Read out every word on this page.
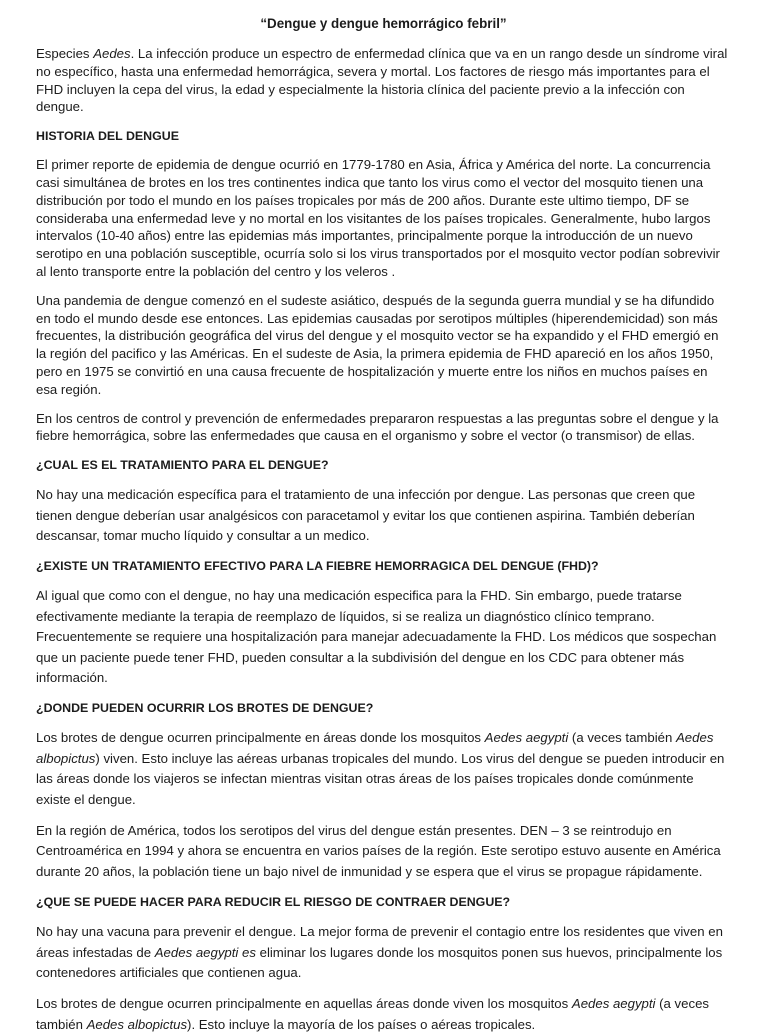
“Dengue y dengue hemorrágico febril”

Especies Aedes. La infección produce un espectro de enfermedad clínica que va en un rango desde un síndrome viral no específico, hasta una enfermedad hemorrágica, severa y mortal. Los factores de riesgo más importantes para el FHD incluyen la cepa del virus, la edad y especialmente la historia clínica del paciente previo a la infección con dengue.

HISTORIA DEL DENGUE

El primer reporte de epidemia de dengue ocurrió en 1779-1780 en Asia, África y América del norte. La concurrencia casi simultánea de brotes en los tres continentes indica que tanto los virus como el vector del mosquito tienen una distribución por todo el mundo en los países tropicales por más de 200 años. Durante este ultimo tiempo, DF se consideraba una enfermedad leve y no mortal en los visitantes de los países tropicales. Generalmente, hubo largos intervalos (10-40 años) entre las epidemias más importantes, principalmente porque la introducción de un nuevo serotipo en una población susceptible, ocurría solo si los virus transportados por el mosquito vector podían sobrevivir al lento transporte entre la población del centro y los veleros .

Una pandemia de dengue comenzó en el sudeste asiático, después de la segunda guerra mundial y se ha difundido en todo el mundo desde ese entonces. Las epidemias causadas por serotipos múltiples (hiperendemicidad) son más frecuentes, la distribución geográfica del virus del dengue y el mosquito vector se ha expandido y el FHD emergió en la región del pacifico y las Américas. En el sudeste de Asia, la primera epidemia de FHD apareció en los años 1950, pero en 1975 se convirtió en una causa frecuente de hospitalización y muerte entre los niños en muchos países en esa región.

En los centros de control y prevención de enfermedades prepararon respuestas a las preguntas sobre el dengue y la fiebre hemorrágica, sobre las enfermedades que causa en el organismo y sobre el vector (o transmisor) de ellas.

¿CUAL ES EL TRATAMIENTO PARA EL DENGUE?

No hay una medicación específica para el tratamiento de una infección por dengue. Las personas que creen que tienen dengue deberían usar analgésicos con paracetamol y evitar los que contienen aspirina. También deberían descansar, tomar mucho líquido y consultar a un medico.

¿EXISTE UN TRATAMIENTO EFECTIVO PARA LA FIEBRE HEMORRAGICA DEL DENGUE (FHD)?

Al igual que como con el dengue, no hay una medicación especifica para la FHD. Sin embargo, puede tratarse efectivamente mediante la terapia de reemplazo de líquidos, si se realiza un diagnóstico clínico temprano. Frecuentemente se requiere una hospitalización para manejar adecuadamente la FHD. Los médicos que sospechan que un paciente puede tener FHD, pueden consultar a la subdivisión del dengue en los CDC para obtener más información.

¿DONDE PUEDEN OCURRIR LOS BROTES DE DENGUE?

Los brotes de dengue ocurren principalmente en áreas donde los mosquitos Aedes aegypti (a veces también Aedes albopictus) viven. Esto incluye las aéreas urbanas tropicales del mundo. Los virus del dengue se pueden introducir en las áreas donde los viajeros se infectan mientras visitan otras áreas de los países tropicales donde comúnmente existe el dengue.

En la región de América, todos los serotipos del virus del dengue están presentes. DEN – 3 se reintrodujo en Centroamérica en 1994 y ahora se encuentra en varios países de la región. Este serotipo estuvo ausente en América durante 20 años, la población tiene un bajo nivel de inmunidad y se espera que el virus se propague rápidamente.

¿QUE SE PUEDE HACER PARA REDUCIR EL RIESGO DE CONTRAER DENGUE?

No hay una vacuna para prevenir el dengue. La mejor forma de prevenir el contagio entre los residentes que viven en áreas infestadas de Aedes aegypti es eliminar los lugares donde los mosquitos ponen sus huevos, principalmente los contenedores artificiales que contienen agua.

Los brotes de dengue ocurren principalmente en aquellas áreas donde viven los mosquitos Aedes aegypti (a veces también Aedes albopictus). Esto incluye la mayoría de los países o aéreas tropicales.
